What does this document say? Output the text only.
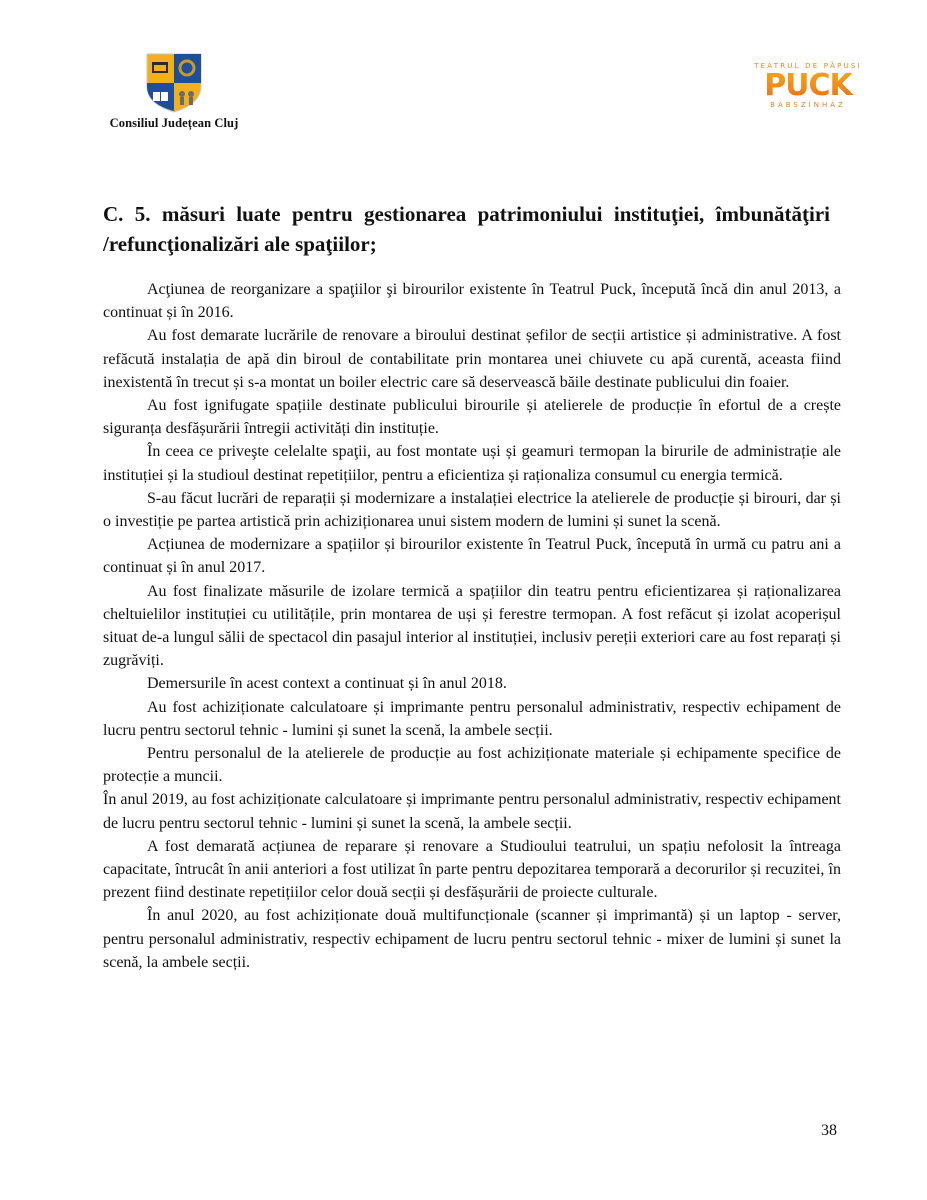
Consiliul Județean Cluj
TEATRUL DE PĂPUȘI
PUCK
BÁBSZÍNHÁZ
C. 5. măsuri luate pentru gestionarea patrimoniului instituţiei, îmbunătăţiri /refuncţionalizări ale spaţiilor;

Acţiunea de reorganizare a spaţiilor şi birourilor existente în Teatrul Puck, începută încă din anul 2013, a continuat și în 2016.

Au fost demarate lucrările de renovare a biroului destinat șefilor de secții artistice și administrative. A fost refăcută instalația de apă din biroul de contabilitate prin montarea unei chiuvete cu apă curentă, aceasta fiind inexistentă în trecut și s-a montat un boiler electric care să deservească băile destinate publicului din foaier.

Au fost ignifugate spațiile destinate publicului birourile și atelierele de producție în efortul de a crește siguranța desfășurării întregii activități din instituție.

În ceea ce priveşte celelalte spaţii, au fost montate uși și geamuri termopan la birurile de administrație ale instituției și la studioul destinat repetițiilor, pentru a eficientiza și raționaliza consumul cu energia termică.

S-au făcut lucrări de reparații și modernizare a instalației electrice la atelierele de producție și birouri, dar și o investiție pe partea artistică prin achiziționarea unui sistem modern de lumini și sunet la scenă.

Acțiunea de modernizare a spațiilor și birourilor existente în Teatrul Puck, începută în urmă cu patru ani a continuat și în anul 2017.

Au fost finalizate măsurile de izolare termică a spațiilor din teatru pentru eficientizarea și raționalizarea cheltuielilor instituției cu utilitățile, prin montarea de uși și ferestre termopan. A fost refăcut și izolat acoperișul situat de-a lungul sălii de spectacol din pasajul interior al instituției, inclusiv pereții exteriori care au fost reparați și zugrăviți.

Demersurile în acest context a continuat și în anul 2018.

Au fost achiziționate calculatoare și imprimante pentru personalul administrativ, respectiv echipament de lucru pentru sectorul tehnic - lumini și sunet la scenă, la ambele secții.

Pentru personalul de la atelierele de producție au fost achiziționate materiale și echipamente specifice de protecție a muncii.

În anul 2019, au fost achiziționate calculatoare și imprimante pentru personalul administrativ, respectiv echipament de lucru pentru sectorul tehnic - lumini și sunet la scenă, la ambele secții.

A fost demarată acțiunea de reparare și renovare a Studioului teatrului, un spațiu nefolosit la întreaga capacitate, întrucât în anii anteriori a fost utilizat în parte pentru depozitarea temporară a decorurilor și recuzitei, în prezent fiind destinate repetițiilor celor două secții și desfășurării de proiecte culturale.

În anul 2020, au fost achiziționate două multifuncționale (scanner și imprimantă) și un laptop - server, pentru personalul administrativ, respectiv echipament de lucru pentru sectorul tehnic - mixer de lumini și sunet la scenă, la ambele secții.

38
